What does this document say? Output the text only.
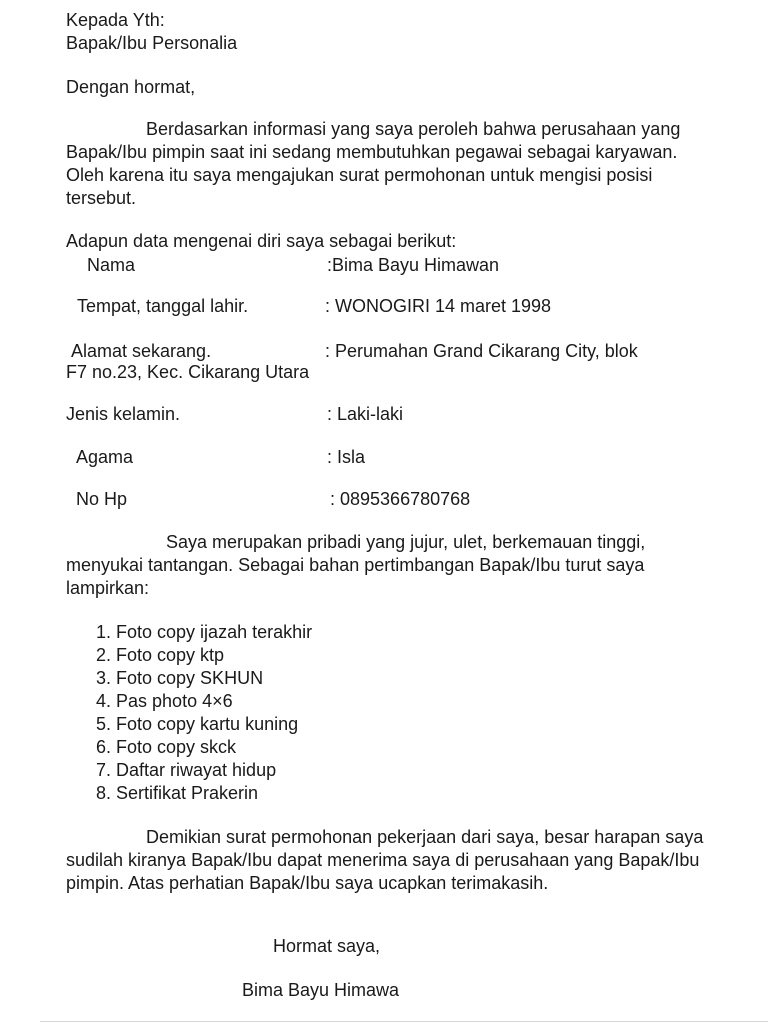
Kepada Yth:
Bapak/Ibu Personalia
Dengan hormat,
Berdasarkan informasi yang saya peroleh bahwa perusahaan yang Bapak/Ibu pimpin saat ini sedang membutuhkan pegawai sebagai karyawan. Oleh karena itu saya mengajukan surat permohonan untuk mengisi posisi tersebut.
Adapun data mengenai diri saya sebagai berikut:
Nama	:Bima Bayu Himawan
Tempat, tanggal lahir.	: WONOGIRI 14 maret 1998
Alamat sekarang.	: Perumahan Grand Cikarang City, blok
F7 no.23, Kec. Cikarang Utara
Jenis kelamin.	: Laki-laki
Agama	: Isla
No Hp	: 0895366780768
Saya merupakan pribadi yang jujur, ulet, berkemauan tinggi, menyukai tantangan. Sebagai bahan pertimbangan Bapak/Ibu turut saya lampirkan:
1. Foto copy ijazah terakhir
2. Foto copy ktp
3. Foto copy SKHUN
4. Pas photo 4×6
5. Foto copy kartu kuning
6. Foto copy skck
7. Daftar riwayat hidup
8. Sertifikat Prakerin
Demikian surat permohonan pekerjaan dari saya, besar harapan saya sudilah kiranya Bapak/Ibu dapat menerima saya di perusahaan yang Bapak/Ibu pimpin. Atas perhatian Bapak/Ibu saya ucapkan terimakasih.
Hormat saya,
Bima Bayu Himawa
